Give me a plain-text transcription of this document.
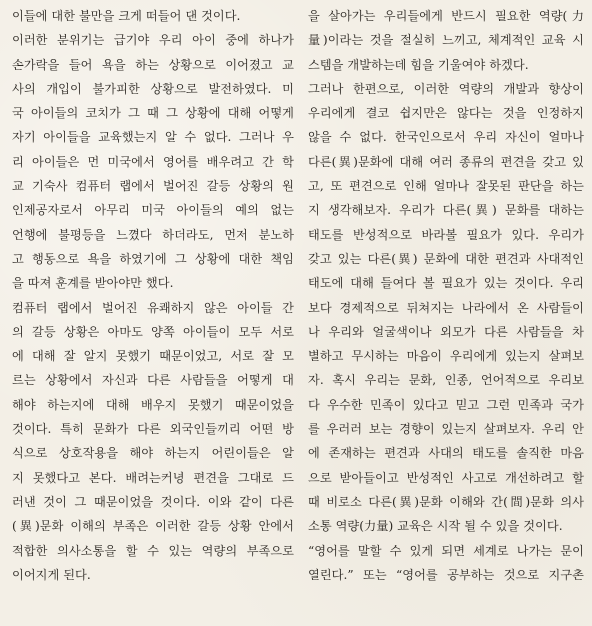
이들에 대한 불만을 크게 떠들어 댄 것이다.
이러한 분위기는 급기야 우리 아이 중에 하나가
손가락을 들어 욕을 하는 상황으로 이어졌고 교
사의 개입이 불가피한 상황으로 발전하였다. 미
국 아이들의 코치가 그 때 그 상황에 대해 어떻게
자기 아이들을 교육했는지 알 수 없다. 그러나 우
리 아이들은 먼 미국에서 영어를 배우려고 간 학
교 기숙사 컴퓨터 랩에서 벌어진 갈등 상황의 원
인제공자로서 아무리 미국 아이들의 예의 없는
언행에 불평등을 느꼈다 하더라도, 먼저 분노하
고 행동으로 욕을 하였기에 그 상황에 대한 책임
을 따져 훈계를 받아야만 했다.
컴퓨터 랩에서 벌어진 유쾌하지 않은 아이들 간
의 갈등 상황은 아마도 양쪽 아이들이 모두 서로
에 대해 잘 알지 못했기 때문이었고, 서로 잘 모
르는 상황에서 자신과 다른 사람들을 어떻게 대
해야 하는지에 대해 배우지 못했기 때문이었을
것이다. 특히 문화가 다른 외국인들끼리 어떤 방
식으로 상호작용을 해야 하는지 어린이들은 알
지 못했다고 본다. 배려는커녕 편견을 그대로 드
러낸 것이 그 때문이었을 것이다. 이와 같이 다른
(異)문화 이해의 부족은 이러한 갈등 상황 안에서
적합한 의사소통을 할 수 있는 역량의 부족으로
이어지게 된다.
을 살아가는 우리들에게 반드시 필요한 역량(力
量)이라는 것을 절실히 느끼고, 체계적인 교육 시
스템을 개발하는데 힘을 기울여야 하겠다.
그러나 한편으로, 이러한 역량의 개발과 향상이
우리에게 결코 쉽지만은 않다는 것을 인정하지
않을 수 없다. 한국인으로서 우리 자신이 얼마나
다른(異)문화에 대해 여러 종류의 편견을 갖고 있
고, 또 편견으로 인해 얼마나 잘못된 판단을 하는
지 생각해보자. 우리가 다른(異) 문화를 대하는
태도를 반성적으로 바라볼 필요가 있다. 우리가
갖고 있는 다른(異) 문화에 대한 편견과 사대적인
태도에 대해 들여다 볼 필요가 있는 것이다. 우리
보다 경제적으로 뒤쳐지는 나라에서 온 사람들이
나 우리와 얼굴색이나 외모가 다른 사람들을 차
별하고 무시하는 마음이 우리에게 있는지 살펴보
자. 혹시 우리는 문화, 인종, 언어적으로 우리보
다 우수한 민족이 있다고 믿고 그런 민족과 국가
를 우러러 보는 경향이 있는지 살펴보자. 우리 안
에 존재하는 편견과 사대의 태도를 솔직한 마음
으로 받아들이고 반성적인 사고로 개선하려고 할
때 비로소 다른(異)문화 이해와 간(間)문화 의사
소통 역량(力量) 교육은 시작 될 수 있을 것이다.
“영어를 말할 수 있게 되면 세계로 나가는 문이
열린다.” 또는 “영어를 공부하는 것으로 지구촌
